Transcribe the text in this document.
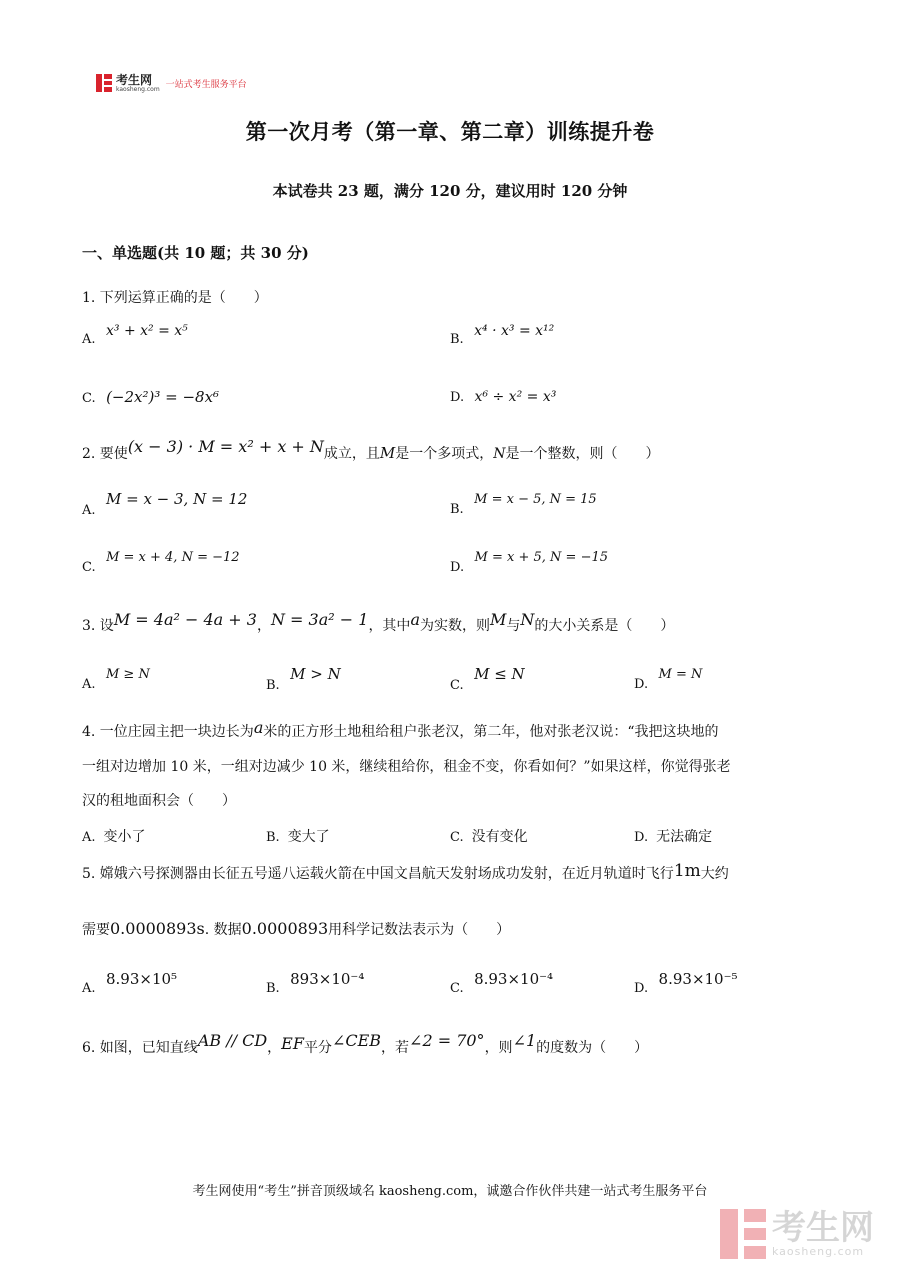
考生网
kaosheng.com 一站式考生服务平台
第一次月考（第一章、第二章）训练提升卷
本试卷共 23 题，满分 120 分，建议用时 120 分钟
一、单选题(共 10 题；共 30 分)
1. 下列运算正确的是（　　）
A. x³ + x² = x⁵
B. x⁴ · x³ = x¹²
C. (−2x²)³ = −8x⁶	D. x⁶ ÷ x² = x³
2. 要使(x − 3) · M = x² + x + N成立，且M是一个多项式，N是一个整数，则（　　）
A. M = x − 3, N = 12
B. M = x − 5, N = 15
C. M = x + 4, N = −12
D. M = x + 5, N = −15
3. 设M = 4a² − 4a + 3，N = 3a² − 1，其中a为实数，则M与N的大小关系是（　　）
A. M ≥ N
B. M > N
C. M ≤ N
D. M = N
4. 一位庄园主把一块边长为a米的正方形土地租给租户张老汉，第二年，他对张老汉说：“我把这块地的
一组对边增加 10 米，一组对边减少 10 米，继续租给你，租金不变，你看如何？”如果这样，你觉得张老
汉的租地面积会（　　）
A. 变小了	B. 变大了	C. 没有变化	D. 无法确定
5. 嫦娥六号探测器由长征五号遥八运载火箭在中国文昌航天发射场成功发射，在近月轨道时飞行1m大约
需要0.0000893s. 数据0.0000893用科学记数法表示为（　　）
A. 8.93×10⁵
B. 893×10⁻⁴
C. 8.93×10⁻⁴
D. 8.93×10⁻⁵
6. 如图，已知直线AB // CD，EF平分∠CEB，若∠2 = 70°，则∠1的度数为（　　）
考生网使用“考生”拼音顶级域名 kaosheng.com，诚邀合作伙伴共建一站式考生服务平台
考生网
kaosheng.com
